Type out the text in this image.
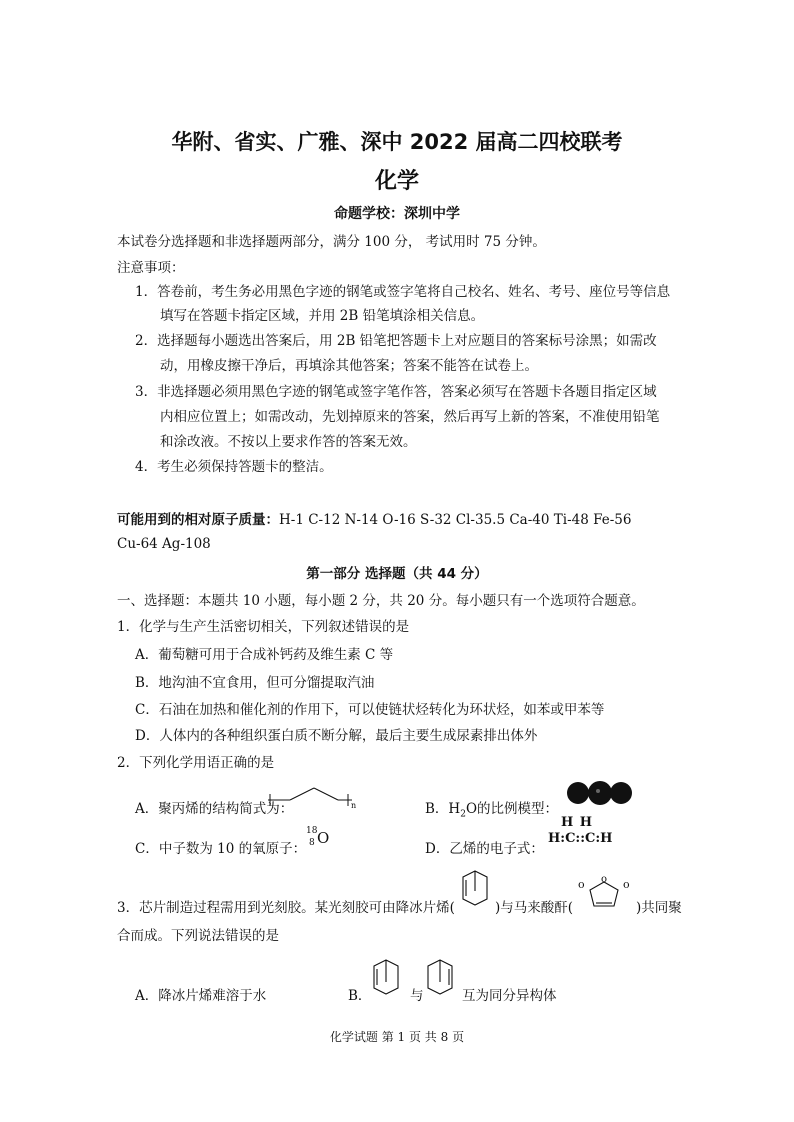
华附、省实、广雅、深中 2022 届高二四校联考
化学
命题学校：深圳中学
本试卷分选择题和非选择题两部分，满分 100 分， 考试用时 75 分钟。
注意事项：
1．答卷前，考生务必用黑色字迹的钢笔或签字笔将自己校名、姓名、考号、座位号等信息
填写在答题卡指定区域，并用 2B 铅笔填涂相关信息。
2．选择题每小题选出答案后，用 2B 铅笔把答题卡上对应题目的答案标号涂黑；如需改
动，用橡皮擦干净后，再填涂其他答案；答案不能答在试卷上。
3．非选择题必须用黑色字迹的钢笔或签字笔作答，答案必须写在答题卡各题目指定区域
内相应位置上；如需改动，先划掉原来的答案，然后再写上新的答案，不准使用铅笔
和涂改液。不按以上要求作答的答案无效。
4．考生必须保持答题卡的整洁。
可能用到的相对原子质量：H-1 C-12 N-14 O-16 S-32 Cl-35.5 Ca-40 Ti-48 Fe-56
Cu-64 Ag-108
第一部分 选择题（共 44 分）
一、选择题：本题共 10 小题，每小题 2 分，共 20 分。每小题只有一个选项符合题意。
1．化学与生产生活密切相关，下列叙述错误的是
A．葡萄糖可用于合成补钙药及维生素 C 等
B．地沟油不宜食用，但可分馏提取汽油
C．石油在加热和催化剂的作用下，可以使链状烃转化为环状烃，如苯或甲苯等
D．人体内的各种组织蛋白质不断分解，最后主要生成尿素排出体外
2．下列化学用语正确的是
A．聚丙烯的结构简式为：	n	B．$H_2O$的比例模型：
C．中子数为 10 的氧原子：
18
8 O
D．乙烯的电子式：
H H
H:C::C:H
3．芯片制造过程需用到光刻胶。某光刻胶可由降冰片烯(	)与马来酸酐(
o o o
)共同聚
合而成。下列说法错误的是
A．降冰片烯难溶于水	B．	与	互为同分异构体
化学试题 第 1 页 共 8 页
